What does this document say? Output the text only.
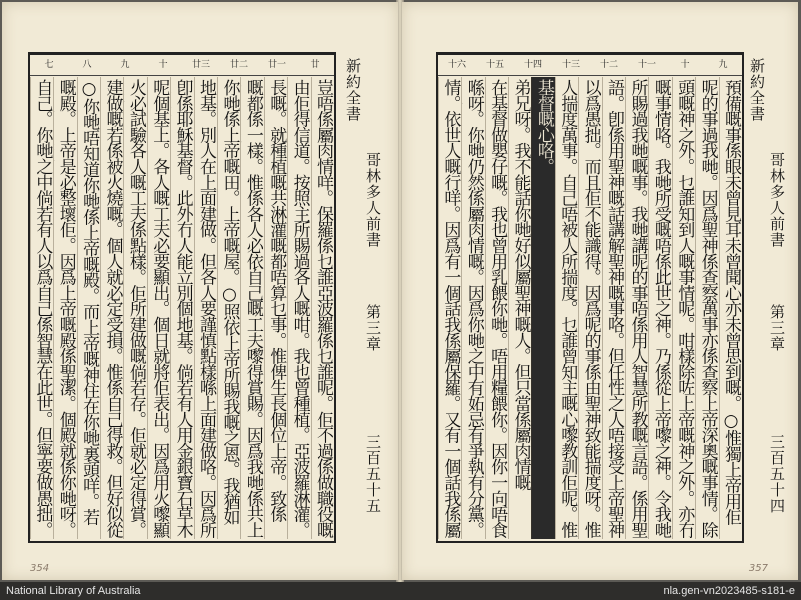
廿
廿一
廿二
廿三
十
九
八
七
豈唔係屬肉情咩。保羅係乜誰亞波羅係乜誰呢。佢不過係做職役嘅
由佢得信道。按照主所賜過各人嘅咁。我也曾種植。亞波羅淋灌。
長嘅。就種植嘅共淋灌嘅都唔算乜事。惟俾生長個位上帝。致係
嘅都係一樣。惟係各人必依自己嘅工夫嚟得賞賜。因爲我哋係共上
你哋係上帝嘅田。上帝嘅屋。○照依上帝所賜我嘅之恩。我猶如
地基。別人在上面建做。但各人要謹慎點樣喺上面建做咯。因爲所
卽係耶穌基督。此外冇人能立別個地基。倘若有人用金銀寶石草木
呢個基上。各人嘅工夫必要顯出。個日就將佢表出。因爲用火嚟顯
火必試驗各人嘅工夫係點樣。佢所建做嘅倘若存。佢就必定得賞。
建做嘅若係被火燒嘅。個人就必定受損。惟係自己得救。但好似從
○你哋唔知道你哋係上帝嘅殿。而上帝嘅神住在你哋裏頭咩。若
嘅殿。上帝是必整壞佢。因爲上帝嘅殿係聖潔。個殿就係你哋呀。
自己。你哋之中倘若有人以爲自己係智慧在此世。但寧要做愚拙。
新約全書
哥林多人前書
第三章
三百五十五
354
九
十
十一
十二
十三
十四
十五
十六
預備嘅事係眼未曾見耳未曾聞心亦未曾思到嘅。○惟獨上帝用佢
呢的事過我哋。因爲聖神係查察萬事亦係查察上帝深奧嘅事情。除
頭嘅神之外。乜誰知到人嘅事情呢。咁樣除咗上帝嘅神之外。亦冇
嘅事情咯。我哋所受嘅唔係此世之神。乃係從上帝嚟之神。令我哋
所賜過我哋嘅事。我哋講呢的事唔係用人智慧所教嘅言語。係用聖
語。卽係用聖神嘅話講解聖神嘅事咯。但任性之人唔接受上帝聖神
以爲愚拙。而且佢不能識得。因爲呢的事係由聖神致能揣度呀。惟
人揣度萬事。自己唔被人所揣度。乜誰曾知主嘅心嚟教訓佢呢。惟
基督嘅心咯。
弟兄呀。我不能話你哋好似屬聖神嘅人。但只當係屬肉情嘅
在基督做嬰仔嘅。我也曾用乳餵你哋。唔用糧餵你。因你一向唔食
喺呀。你哋仍然係屬肉情嘅。因爲你哋之中有妬忌有爭執有分黨。
情。依世人嘅行咩。因爲有一個話我係屬保羅。又有一個話我係屬
新約全書
哥林多人前書
第三章
三百五十四
357
National Library of Australia	nla.gen-vn2023485-s181-e
